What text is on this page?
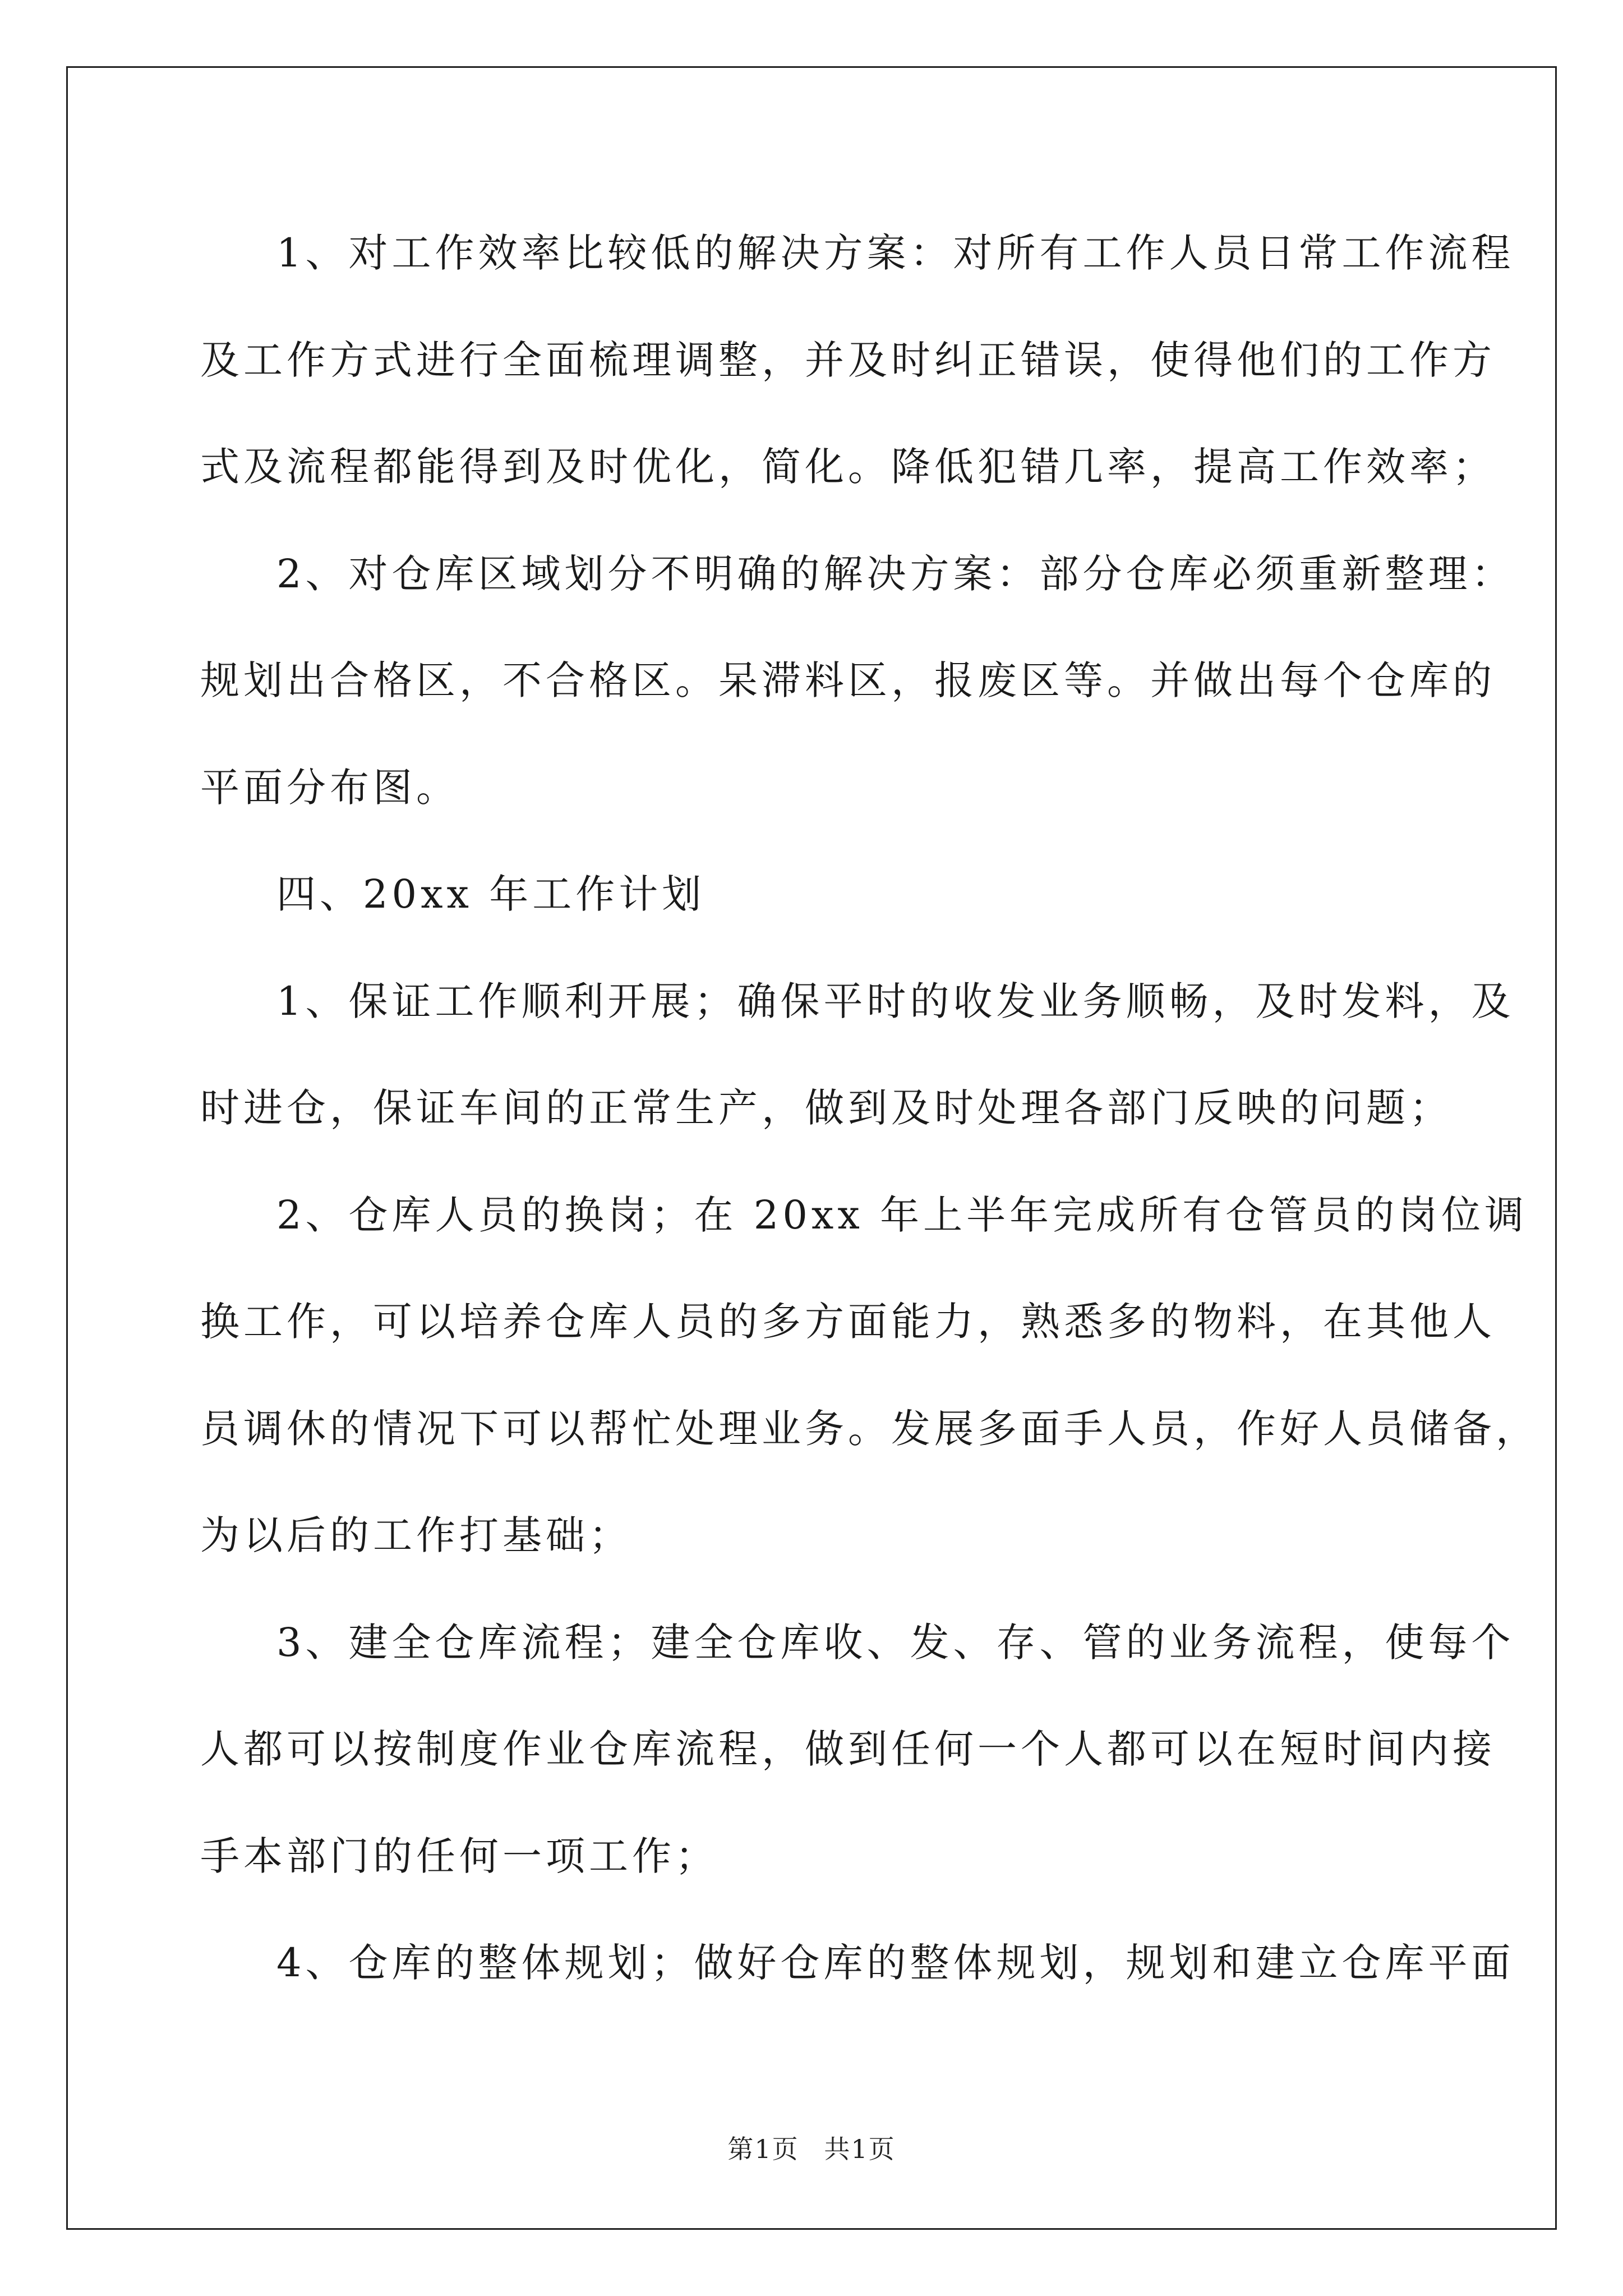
1、对工作效率比较低的解决方案：对所有工作人员日常工作流程
及工作方式进行全面梳理调整，并及时纠正错误，使得他们的工作方
式及流程都能得到及时优化，简化。降低犯错几率，提高工作效率；
2、对仓库区域划分不明确的解决方案：部分仓库必须重新整理：
规划出合格区，不合格区。呆滞料区，报废区等。并做出每个仓库的
平面分布图。
四、20xx 年工作计划
1、保证工作顺利开展；确保平时的收发业务顺畅，及时发料，及
时进仓，保证车间的正常生产，做到及时处理各部门反映的问题；
2、仓库人员的换岗；在 20xx 年上半年完成所有仓管员的岗位调
换工作，可以培养仓库人员的多方面能力，熟悉多的物料，在其他人
员调休的情况下可以帮忙处理业务。发展多面手人员，作好人员储备，
为以后的工作打基础；
3、建全仓库流程；建全仓库收、发、存、管的业务流程，使每个
人都可以按制度作业仓库流程，做到任何一个人都可以在短时间内接
手本部门的任何一项工作；
4、仓库的整体规划；做好仓库的整体规划，规划和建立仓库平面
第1页 共1页
